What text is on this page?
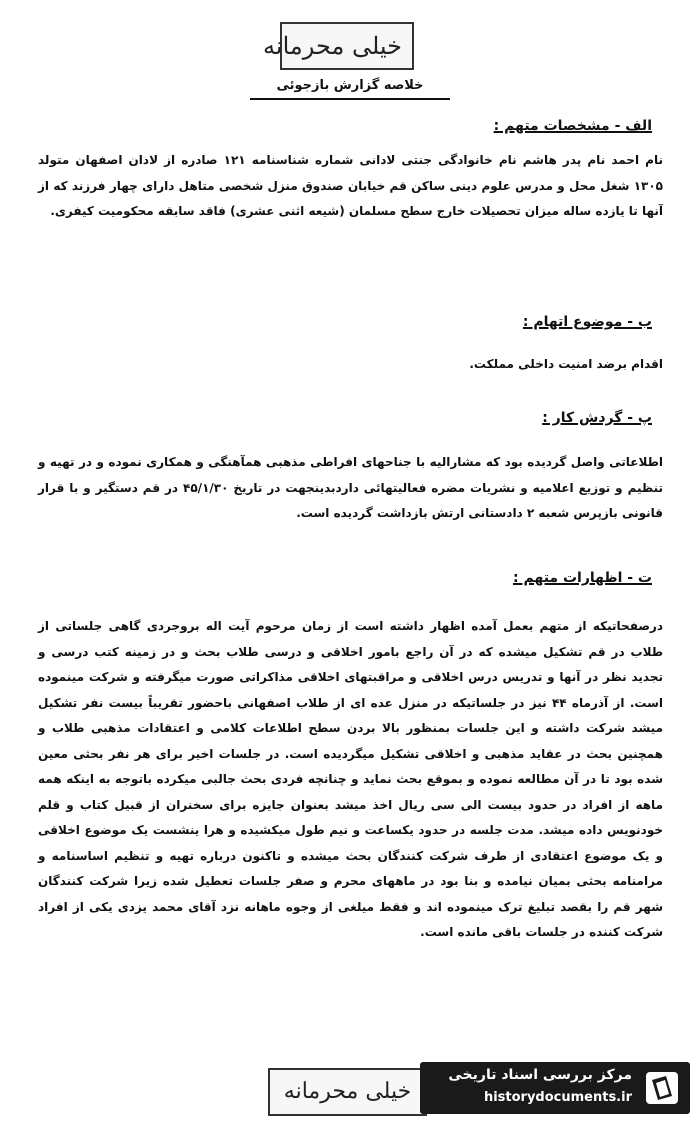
خیلی محرمانه
خلاصه گزارش بازجوئی
الف - مشخصات متهم :
نام احمد نام پدر هاشم نام خانوادگی جنتی لادانی شماره شناسنامه ۱۲۱ صادره از لادان اصفهان متولد ۱۳۰۵ شغل محل و مدرس علوم دینی ساکن قم خیابان صندوق منزل شخصی متاهل دارای چهار فرزند که از آنها تا یازده ساله میزان تحصیلات خارج سطح مسلمان (شیعه اثنی عشری) فاقد سابقه محکومیت کیفری.
ب - موضوع اتهام :
اقدام برضد امنیت داخلی مملکت.
پ - گردش کار :
اطلاعاتی واصل گردیده بود که مشارالیه با جناحهای افراطی مذهبی همآهنگی و همکاری نموده و در تهیه و تنظیم و توزیع اعلامیه و نشریات مضره فعالیتهائی داردبدینجهت در تاریخ ۴۵/۱/۳۰ در قم دستگیر و با قرار قانونی بازپرس شعبه ۲ دادستانی ارتش بازداشت گردیده است.
ت - اظهارات متهم :
درصفحاتیکه از متهم بعمل آمده اظهار داشته است از زمان مرحوم آیت اله بروجردی گاهی جلساتی از طلاب در قم تشکیل میشده که در آن راجع بامور اخلاقی و درسی طلاب بحث و در زمینه کتب درسی و تجدید نظر در آنها و تدریس درس اخلاقی و مراقبتهای اخلاقی مذاکراتی صورت میگرفته و شرکت مینموده است. از آذرماه ۴۴ نیز در جلساتیکه در منزل عده ای از طلاب اصفهانی باحضور تقریباً بیست نفر تشکیل میشد شرکت داشته و این جلسات بمنظور بالا بردن سطح اطلاعات کلامی و اعتقادات مذهبی طلاب و همچنین بحث در عقاید مذهبی و اخلاقی تشکیل میگردیده است. در جلسات اخیر برای هر نفر بحثی معین شده بود تا در آن مطالعه نموده و بموقع بحث نماید و چنانچه فردی بحث جالبی میکرده باتوجه به اینکه همه ماهه از افراد در حدود بیست الی سی ریال اخذ میشد بعنوان جایزه برای سخنران از قبیل کتاب و قلم خودنویس داده میشد. مدت جلسه در حدود یکساعت و نیم طول میکشیده و هرا ینشست یک موضوع اخلاقی و یک موضوع اعتقادی از طرف شرکت کنندگان بحث میشده و تاکنون درباره تهیه و تنظیم اساسنامه و مرامنامه بحثی بمیان نیامده و بنا بود در ماههای محرم و صفر جلسات تعطیل شده زیرا شرکت کنندگان شهر قم را بقصد تبلیغ ترک مینموده اند و فقط میلغی از وجوه ماهانه نزد آقای محمد یزدی یکی از افراد شرکت کننده در جلسات باقی مانده است.
خیلی محرمانه
مرکز بررسی اسناد تاریخی
historydocuments.ir
